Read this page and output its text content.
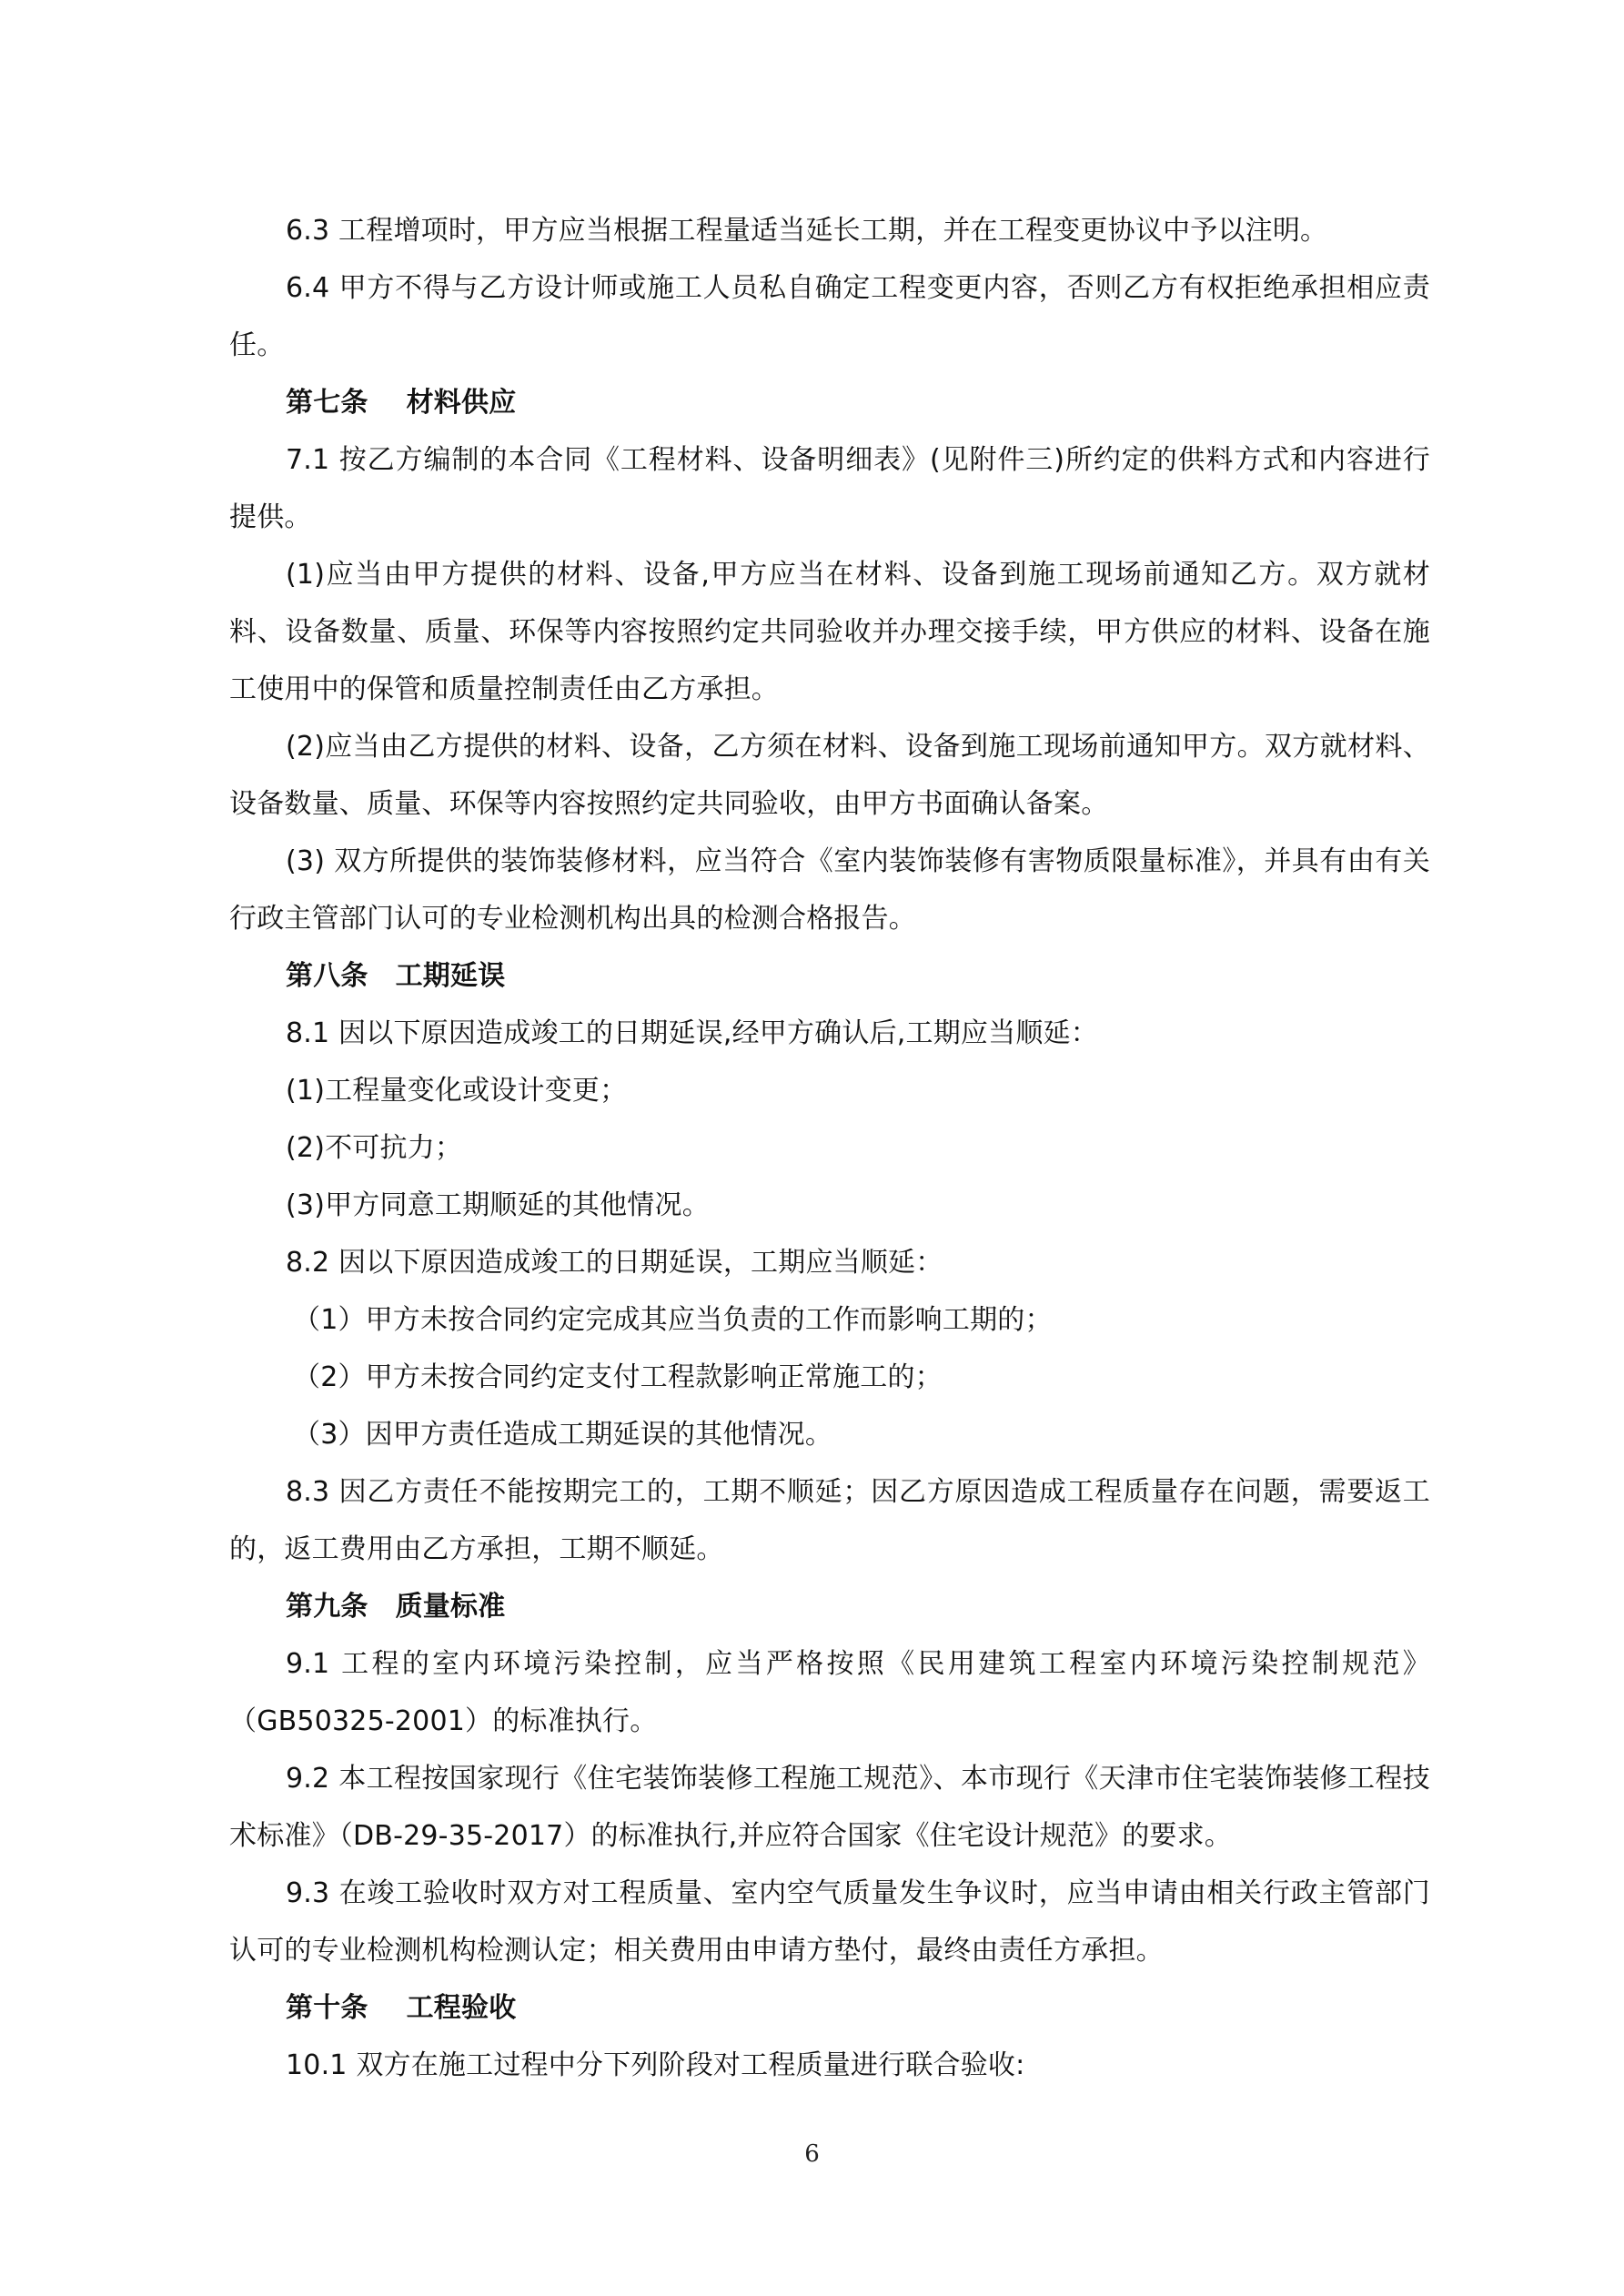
6.3 工程增项时，甲方应当根据工程量适当延长工期，并在工程变更协议中予以注明。

6.4 甲方不得与乙方设计师或施工人员私自确定工程变更内容，否则乙方有权拒绝承担相应责任。

第七条 材料供应

7.1 按乙方编制的本合同《工程材料、设备明细表》(见附件三)所约定的供料方式和内容进行提供。

(1)应当由甲方提供的材料、设备,甲方应当在材料、设备到施工现场前通知乙方。双方就材料、设备数量、质量、环保等内容按照约定共同验收并办理交接手续，甲方供应的材料、设备在施工使用中的保管和质量控制责任由乙方承担。

(2)应当由乙方提供的材料、设备，乙方须在材料、设备到施工现场前通知甲方。双方就材料、设备数量、质量、环保等内容按照约定共同验收，由甲方书面确认备案。

(3) 双方所提供的装饰装修材料，应当符合《室内装饰装修有害物质限量标准》，并具有由有关行政主管部门认可的专业检测机构出具的检测合格报告。

第八条 工期延误

8.1 因以下原因造成竣工的日期延误,经甲方确认后,工期应当顺延：

(1)工程量变化或设计变更；

(2)不可抗力；

(3)甲方同意工期顺延的其他情况。

8.2 因以下原因造成竣工的日期延误，工期应当顺延：

（1）甲方未按合同约定完成其应当负责的工作而影响工期的；

（2）甲方未按合同约定支付工程款影响正常施工的；

（3）因甲方责任造成工期延误的其他情况。

8.3 因乙方责任不能按期完工的，工期不顺延；因乙方原因造成工程质量存在问题，需要返工的，返工费用由乙方承担，工期不顺延。

第九条 质量标准

9.1 工程的室内环境污染控制，应当严格按照《民用建筑工程室内环境污染控制规范》（GB50325-2001）的标准执行。

9.2 本工程按国家现行《住宅装饰装修工程施工规范》、本市现行《天津市住宅装饰装修工程技术标准》（DB-29-35-2017）的标准执行,并应符合国家《住宅设计规范》的要求。

9.3 在竣工验收时双方对工程质量、室内空气质量发生争议时，应当申请由相关行政主管部门认可的专业检测机构检测认定；相关费用由申请方垫付，最终由责任方承担。

第十条 工程验收

10.1 双方在施工过程中分下列阶段对工程质量进行联合验收:

6
